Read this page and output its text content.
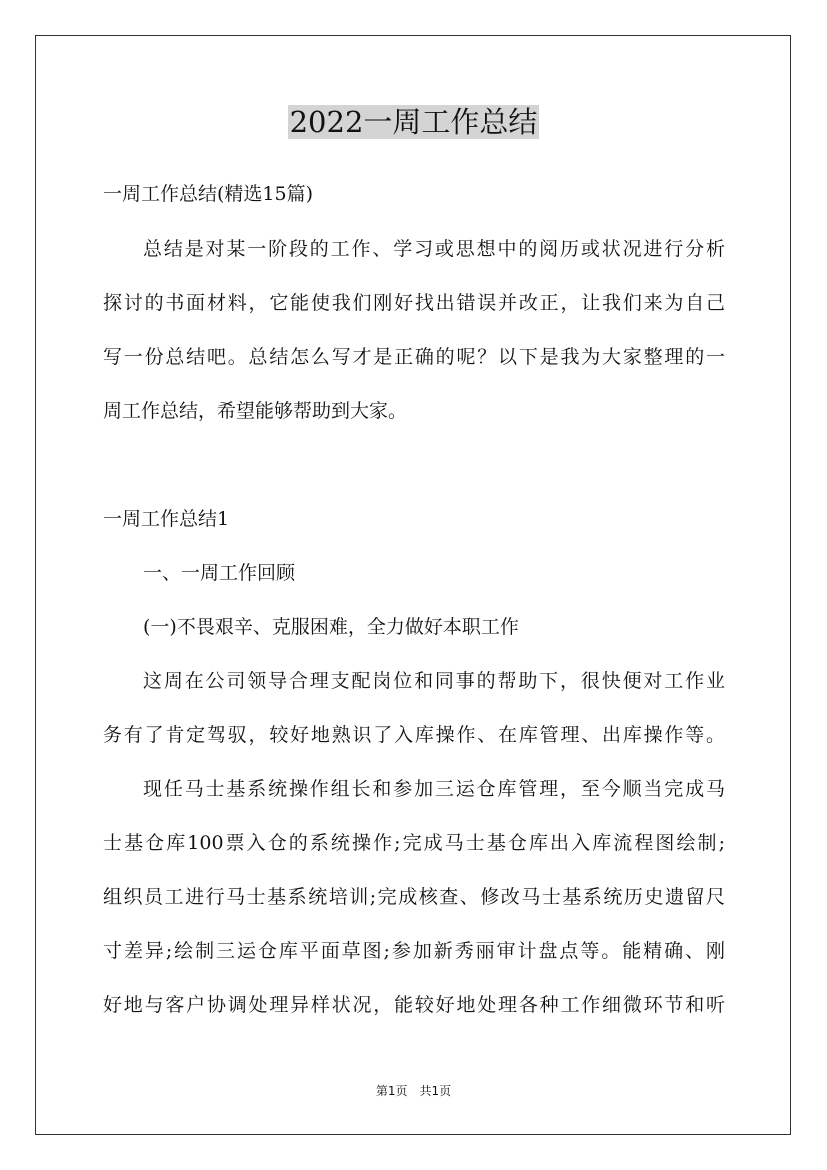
2022一周工作总结
一周工作总结(精选15篇)
总结是对某一阶段的工作、学习或思想中的阅历或状况进行分析
探讨的书面材料，它能使我们刚好找出错误并改正，让我们来为自己
写一份总结吧。总结怎么写才是正确的呢？以下是我为大家整理的一
周工作总结，希望能够帮助到大家。
一周工作总结1
一、一周工作回顾
(一)不畏艰辛、克服困难，全力做好本职工作
这周在公司领导合理支配岗位和同事的帮助下，很快便对工作业
务有了肯定驾驭，较好地熟识了入库操作、在库管理、出库操作等。
现任马士基系统操作组长和参加三运仓库管理，至今顺当完成马
士基仓库100票入仓的系统操作;完成马士基仓库出入库流程图绘制;
组织员工进行马士基系统培训;完成核查、修改马士基系统历史遗留尺
寸差异;绘制三运仓库平面草图;参加新秀丽审计盘点等。能精确、刚
好地与客户协调处理异样状况，能较好地处理各种工作细微环节和听
第1页　共1页
